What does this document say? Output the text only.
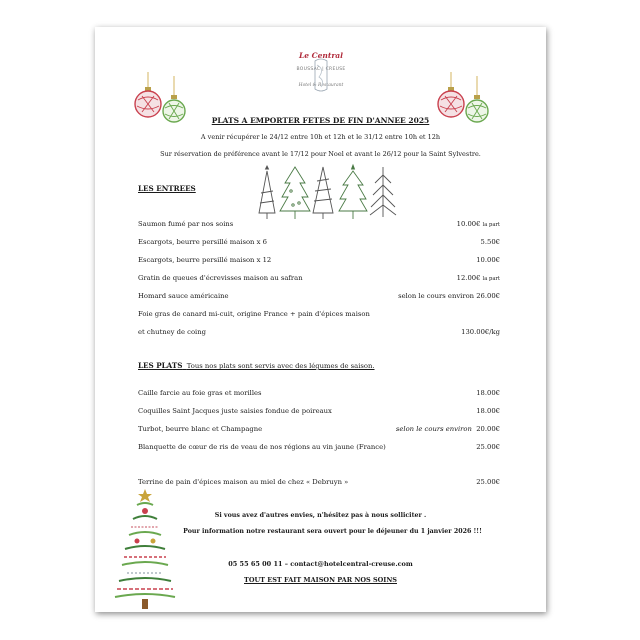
Le Central
BOUSSAC | CREUSE
Hotel & Restaurant
PLATS A EMPORTER FETES DE FIN D'ANNEE 2025
A venir récupérer le 24/12 entre 10h et 12h et le 31/12 entre 10h et 12h
Sur réservation de préférence avant le 17/12 pour Noel et avant le 26/12 pour la Saint Sylvestre.
LES ENTREES
Saumon fumé par nos soins	10.00€ la part
Escargots, beurre persillé maison x 6	5.50€
Escargots, beurre persillé maison x 12	10.00€
Gratin de queues d'écrevisses maison au safran	12.00€ la part
Homard sauce américaine	selon le cours environ 26.00€
Foie gras de canard mi-cuit, origine France + pain d'épices maison
et chutney de coing	130.00€/kg
LES PLATS Tous nos plats sont servis avec des légumes de saison.
Caille farcie au foie gras et morilles	18.00€
Coquilles Saint Jacques juste saisies fondue de poireaux	18.00€
Turbot, beurre blanc et Champagne	selon le cours environ 20.00€
Blanquette de cœur de ris de veau de nos régions au vin jaune (France)	25.00€
Terrine de pain d'épices maison au miel de chez « Debruyn »	25.00€
Si vous avez d'autres envies, n'hésitez pas à nous solliciter .
Pour information notre restaurant sera ouvert pour le déjeuner du 1 janvier 2026 !!!
05 55 65 00 11 – contact@hotelcentral-creuse.com
TOUT EST FAIT MAISON PAR NOS SOINS
